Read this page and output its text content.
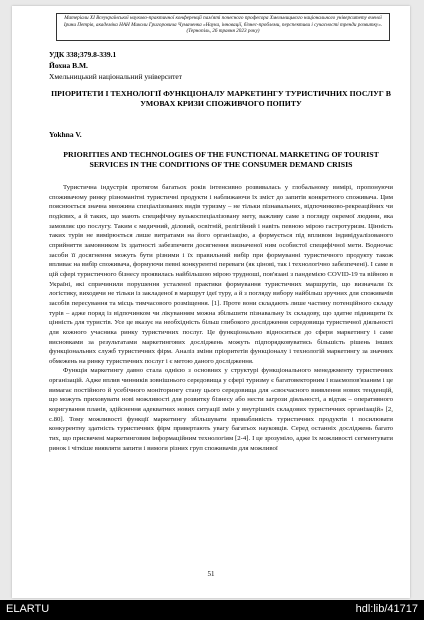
Матеріали XI Всеукраїнської науково-практичної конференції пам'яті почесного професора Хмельницького національного університету вченої Ірини Петрів, академіка НАН Миколи Григоровича Чумаченка «Наука, інновації, бізнес-проблеми, перспективи і сучасності тренди розвитку». (Тернопіль, 26 травня 2023 року)
УДК 338;379.8-339.1
Йохна В.М.
Хмельницький національний університет
ПРІОРИТЕТИ І ТЕХНОЛОГІЇ ФУНКЦІОНАЛУ МАРКЕТИНГУ ТУРИСТИЧНИХ ПОСЛУГ В УМОВАХ КРИЗИ СПОЖИВЧОГО ПОПИТУ
Yokhna V.
PRIORITIES AND TECHNOLOGIES OF THE FUNCTIONAL MARKETING OF TOURIST SERVICES IN THE CONDITIONS OF THE CONSUMER DEMAND CRISIS

Туристична індустрія протягом багатьох років інтенсивно розвивалась у глобальному вимірі, пропонуючи споживачому ринку різноманітні туристичні продукти і наближаючи їх зміст до запитів конкретного споживача. Цим пояснюється значна множина спеціалізованих видів туризму – не тільки пізнавальних, відпочинково-рекреаційних чи подієвих, а й таких, що мають специфічну вузькоспеціалізовану мету, важливу саме з погляду окремої людини, яка замовляє цю послугу. Таким є медичний, діловий, освітній, релігійний і навіть певною мірою гастротуризм. Цінність таких турів не вимірюється лише витратами на його організацію, а формується під впливом індивідуалізованого сприйняття замовником їх здатності забезпечити досягнення визначеної ним особистої специфічної мети. Водночас засоби її досягнення можуть бути різними і їх правильний вибір при формуванні туристичного продукту також впливає на вибір споживача, формуючи певні конкурентні переваги (як цінові, так і технологічно забезпечені). І саме в цій сфері туристичного бізнесу проявилась найбільшою мірою трудноші, пов'язані з пандемією COVID-19 та війною в Україні, які спричинили порушення усталеної практики формування туристичних маршрутів, що визначали їх логістику, виходячи не тільки із закладеної в маршрут ідеї туру, а й з погляду вибору найбільш зручних для споживачів засобів пересування та місць тимчасового розміщення. [1]. Проте вони складають лише частину потенційного складу турів – адже поряд із відпочинком чи лікуванням можна збільшити пізнавальну їх складову, що здатне підвищити їх цінність для туристів. Усе це вказує на необхідність більш глибокого дослідження середовища туристичної діяльності для кожного учасника ринку туристичних послуг. Це функціонально відноситься до сфери маркетингу і саме висновками за результатами маркетингових досліджень можуть підпорядковуватись більшість рішень інших функціональних служб туристичних фірм. Аналіз зміни пріоритетів функціоналу і технологій маркетингу за значних обмежень на ринку туристичних послуг і є метою даного дослідження.

Функція маркетингу давно стала однією з основних у структурі функціонального менеджменту туристичних організацій. Адже вплив чинників зовнішнього середовища у сфері туризму є багатовекторним і взаємопов'язаним і це вимагає постійного й усебічного моніторингу стану цього середовища для «своєчасного виявлення нових тенденцій, що можуть приховувати нові можливості для розвитку бізнесу або нести загрози діяльності, а відтак – оперативного коригування планів, здійснення адекватних нових ситуації змін у внутрішніх складових туристичних організацій» [2, с.80]. Тому можливості функції маркетингу збільшувати привабливість туристичних продуктів і посилювати конкурентну здатність туристичних фірм привертають увагу багатьох науковців. Серед останніх досліджень багато тих, що присвячені маркетинговим інформаційним технологіям [2-4]. І це зрозуміло, адже їх можливості сегментувати ринок і чіткіше виявляти запити і вимоги різних груп споживачів для можливої

51
ELARTU	hdl:lib/41717
